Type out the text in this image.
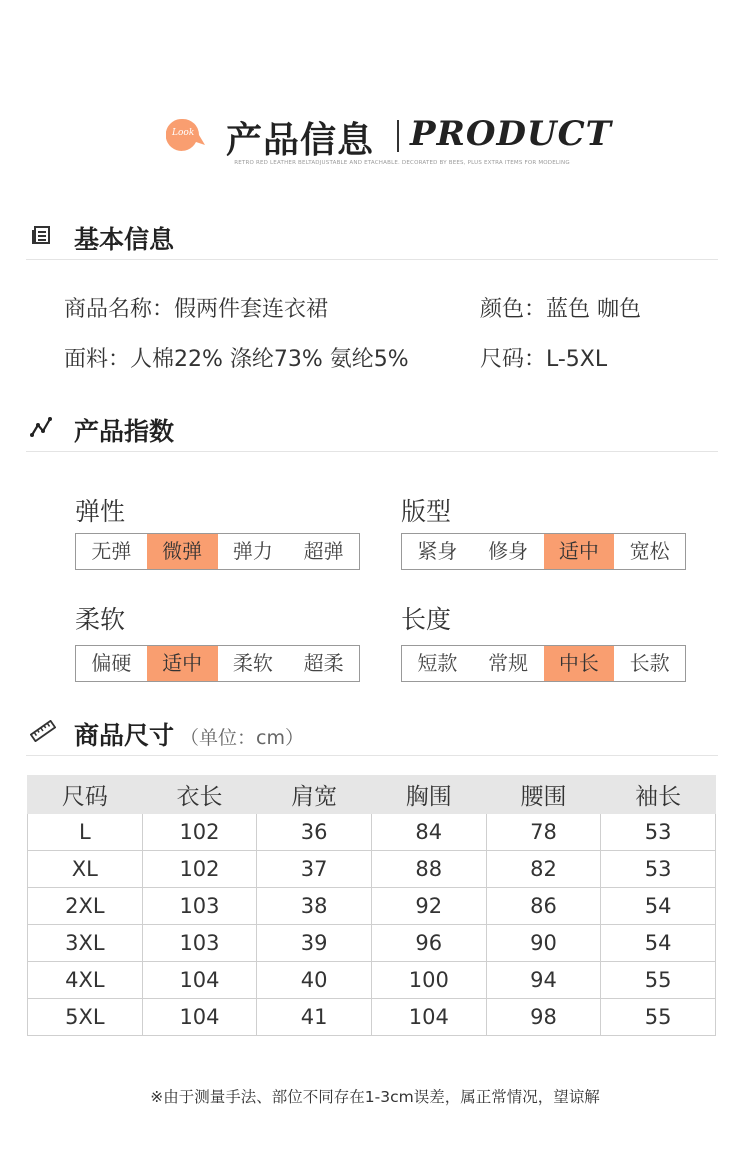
Look 产品信息 PRODUCT
RETRO RED LEATHER BELTADJUSTABLE AND ETACHABLE. DECORATED BY BEES, PLUS EXTRA ITEMS FOR MODELING
基本信息
商品名称：假两件套连衣裙	颜色：蓝色 咖色
面料：人棉22% 涤纶73% 氨纶5%	尺码：L-5XL
产品指数
弹性
无弹	微弹	弹力	超弹
版型
紧身	修身	适中	宽松
柔软
偏硬	适中	柔软	超柔
长度
短款	常规	中长	长款
商品尺寸 （单位：cm）
尺码	衣长	肩宽	胸围	腰围	袖长
L	102	36	84	78	53
XL	102	37	88	82	53
2XL	103	38	92	86	54
3XL	103	39	96	90	54
4XL	104	40	100	94	55
5XL	104	41	104	98	55
※由于测量手法、部位不同存在1-3cm误差，属正常情况，望谅解
